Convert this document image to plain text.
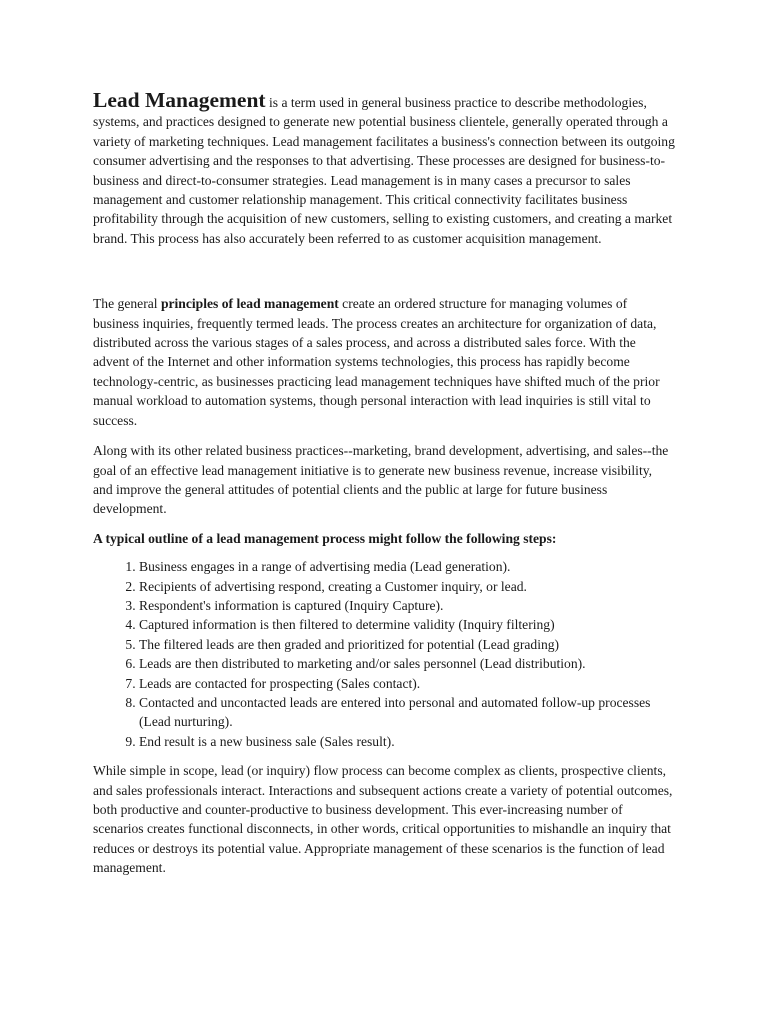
Lead Management is a term used in general business practice to describe methodologies, systems, and practices designed to generate new potential business clientele, generally operated through a variety of marketing techniques. Lead management facilitates a business's connection between its outgoing consumer advertising and the responses to that advertising. These processes are designed for business-to-business and direct-to-consumer strategies. Lead management is in many cases a precursor to sales management and customer relationship management. This critical connectivity facilitates business profitability through the acquisition of new customers, selling to existing customers, and creating a market brand. This process has also accurately been referred to as customer acquisition management.

The general principles of lead management create an ordered structure for managing volumes of business inquiries, frequently termed leads. The process creates an architecture for organization of data, distributed across the various stages of a sales process, and across a distributed sales force. With the advent of the Internet and other information systems technologies, this process has rapidly become technology-centric, as businesses practicing lead management techniques have shifted much of the prior manual workload to automation systems, though personal interaction with lead inquiries is still vital to success.

Along with its other related business practices--marketing, brand development, advertising, and sales--the goal of an effective lead management initiative is to generate new business revenue, increase visibility, and improve the general attitudes of potential clients and the public at large for future business development.

A typical outline of a lead management process might follow the following steps:

1. Business engages in a range of advertising media (Lead generation).
2. Recipients of advertising respond, creating a Customer inquiry, or lead.
3. Respondent's information is captured (Inquiry Capture).
4. Captured information is then filtered to determine validity (Inquiry filtering)
5. The filtered leads are then graded and prioritized for potential (Lead grading)
6. Leads are then distributed to marketing and/or sales personnel (Lead distribution).
7. Leads are contacted for prospecting (Sales contact).
8. Contacted and uncontacted leads are entered into personal and automated follow-up processes (Lead nurturing).
9. End result is a new business sale (Sales result).

While simple in scope, lead (or inquiry) flow process can become complex as clients, prospective clients, and sales professionals interact. Interactions and subsequent actions create a variety of potential outcomes, both productive and counter-productive to business development. This ever-increasing number of scenarios creates functional disconnects, in other words, critical opportunities to mishandle an inquiry that reduces or destroys its potential value. Appropriate management of these scenarios is the function of lead management.
